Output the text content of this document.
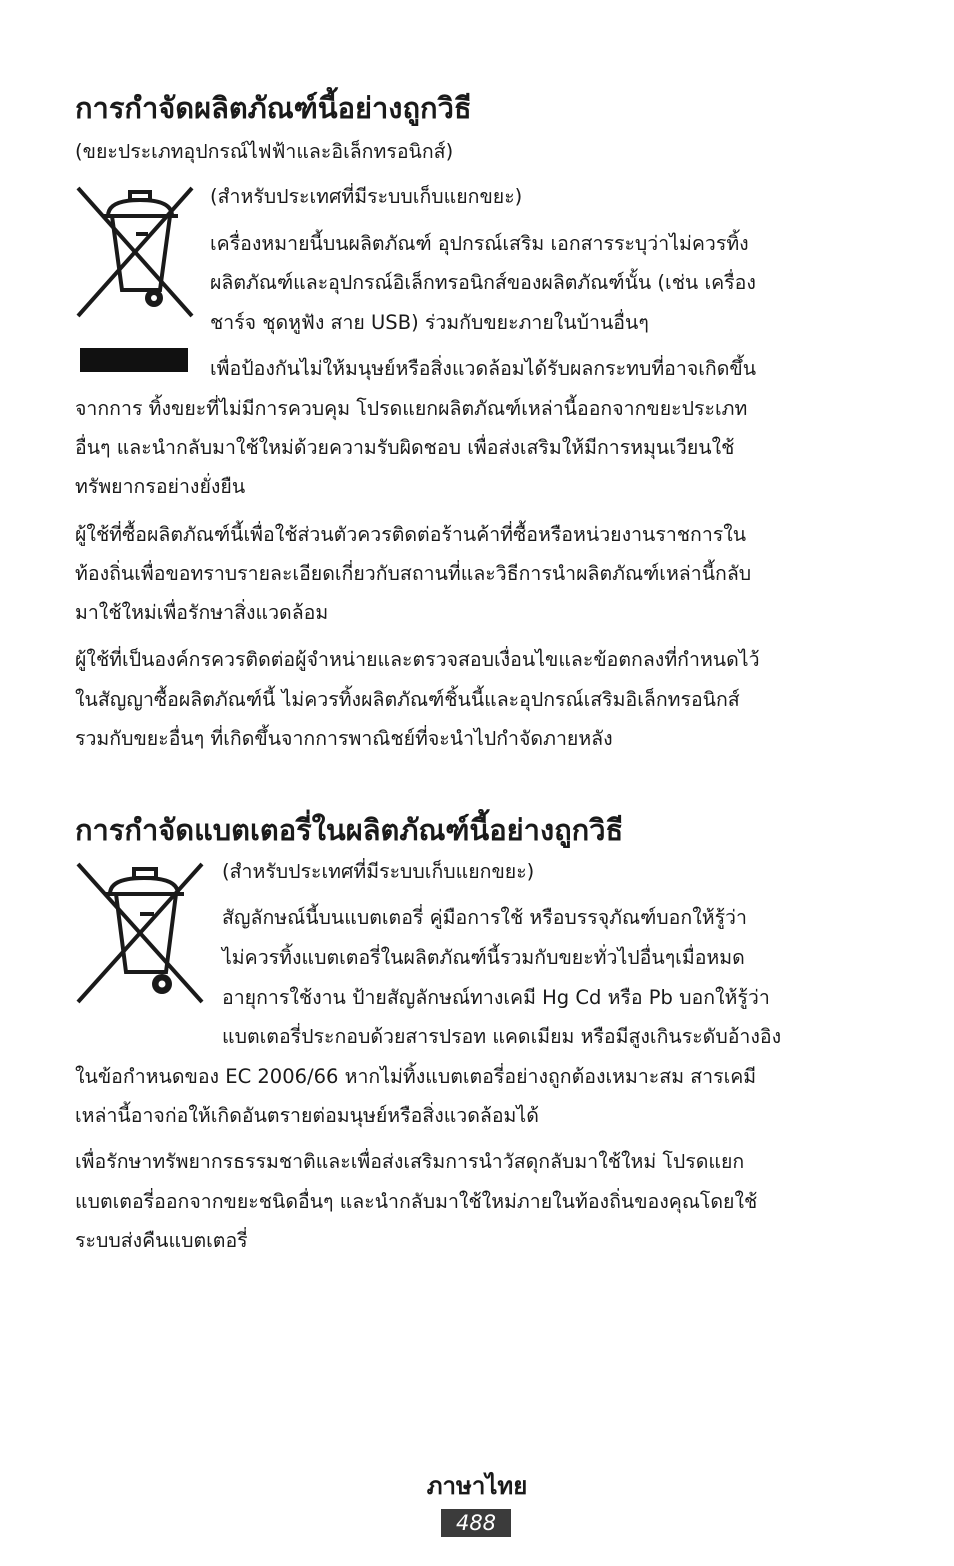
การกำจัดผลิตภัณฑ์นี้อย่างถูกวิธี
(ขยะประเภทอุปกรณ์ไฟฟ้าและอิเล็กทรอนิกส์)
(สำหรับประเทศที่มีระบบเก็บแยกขยะ)
เครื่องหมายนี้บนผลิตภัณฑ์ อุปกรณ์เสริม เอกสารระบุว่าไม่ควรทิ้ง
ผลิตภัณฑ์และอุปกรณ์อิเล็กทรอนิกส์ของผลิตภัณฑ์นั้น (เช่น เครื่อง
ชาร์จ ชุดหูฟัง สาย USB) ร่วมกับขยะภายในบ้านอื่นๆ
เพื่อป้องกันไม่ให้มนุษย์หรือสิ่งแวดล้อมได้รับผลกระทบที่อาจเกิดขึ้น
จากการ ทิ้งขยะที่ไม่มีการควบคุม โปรดแยกผลิตภัณฑ์เหล่านี้ออกจากขยะประเภท
อื่นๆ และนำกลับมาใช้ใหม่ด้วยความรับผิดชอบ เพื่อส่งเสริมให้มีการหมุนเวียนใช้
ทรัพยากรอย่างยั่งยืน
ผู้ใช้ที่ซื้อผลิตภัณฑ์นี้เพื่อใช้ส่วนตัวควรติดต่อร้านค้าที่ซื้อหรือหน่วยงานราชการใน
ท้องถิ่นเพื่อขอทราบรายละเอียดเกี่ยวกับสถานที่และวิธีการนำผลิตภัณฑ์เหล่านี้กลับ
มาใช้ใหม่เพื่อรักษาสิ่งแวดล้อม
ผู้ใช้ที่เป็นองค์กรควรติดต่อผู้จำหน่ายและตรวจสอบเงื่อนไขและข้อตกลงที่กำหนดไว้
ในสัญญาซื้อผลิตภัณฑ์นี้ ไม่ควรทิ้งผลิตภัณฑ์ชิ้นนี้และอุปกรณ์เสริมอิเล็กทรอนิกส์
รวมกับขยะอื่นๆ ที่เกิดขึ้นจากการพาณิชย์ที่จะนำไปกำจัดภายหลัง
การกำจัดแบตเตอรี่ในผลิตภัณฑ์นี้อย่างถูกวิธี
(สำหรับประเทศที่มีระบบเก็บแยกขยะ)
สัญลักษณ์นี้บนแบตเตอรี่ คู่มือการใช้ หรือบรรจุภัณฑ์บอกให้รู้ว่า
ไม่ควรทิ้งแบตเตอรี่ในผลิตภัณฑ์นี้รวมกับขยะทั่วไปอื่นๆเมื่อหมด
อายุการใช้งาน ป้ายสัญลักษณ์ทางเคมี Hg Cd หรือ Pb บอกให้รู้ว่า
แบตเตอรี่ประกอบด้วยสารปรอท แคดเมียม หรือมีสูงเกินระดับอ้างอิง
ในข้อกำหนดของ EC 2006/66 หากไม่ทิ้งแบตเตอรี่อย่างถูกต้องเหมาะสม สารเคมี
เหล่านี้อาจก่อให้เกิดอันตรายต่อมนุษย์หรือสิ่งแวดล้อมได้
เพื่อรักษาทรัพยากรธรรมชาติและเพื่อส่งเสริมการนำวัสดุกลับมาใช้ใหม่ โปรดแยก
แบตเตอรี่ออกจากขยะชนิดอื่นๆ และนำกลับมาใช้ใหม่ภายในท้องถิ่นของคุณโดยใช้
ระบบส่งคืนแบตเตอรี่
ภาษาไทย
488
